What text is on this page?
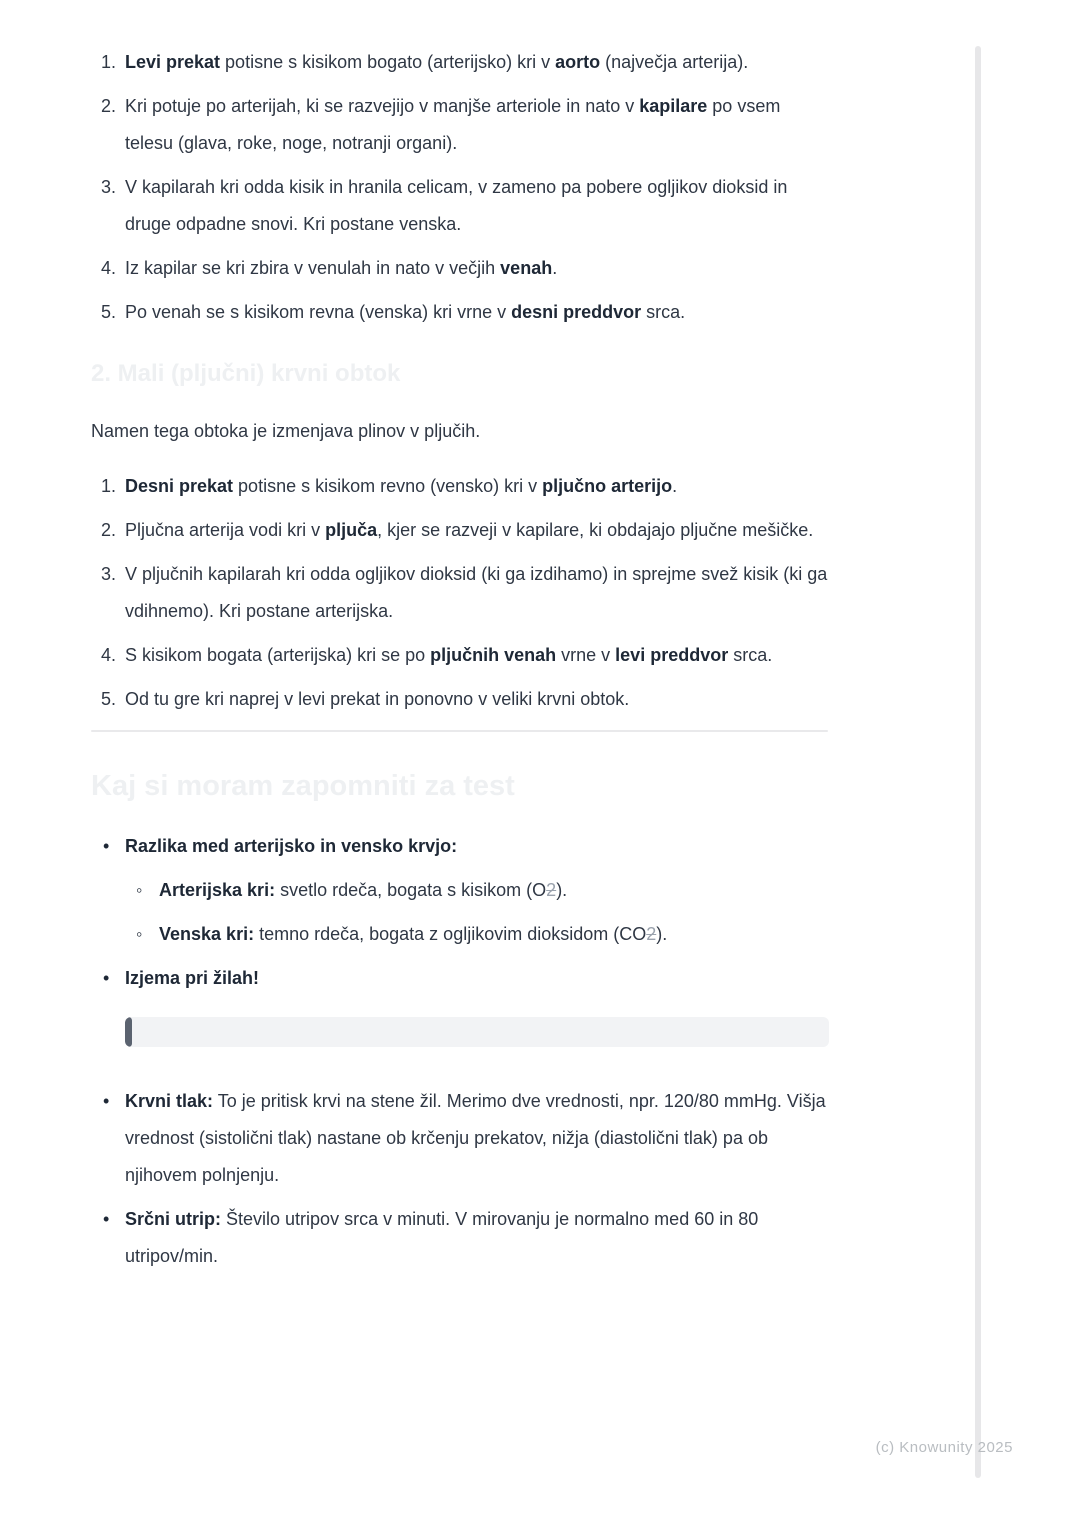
1. Levi prekat potisne s kisikom bogato (arterijsko) kri v aorto (največja arterija).
2. Kri potuje po arterijah, ki se razvejijo v manjše arteriole in nato v kapilare po vsem telesu (glava, roke, noge, notranji organi).
3. V kapilarah kri odda kisik in hranila celicam, v zameno pa pobere ogljikov dioksid in druge odpadne snovi. Kri postane venska.
4. Iz kapilar se kri zbira v venulah in nato v večjih venah.
5. Po venah se s kisikom revna (venska) kri vrne v desni preddvor srca.
2. Mali (pljučni) krvni obtok

Namen tega obtoka je izmenjava plinov v pljučih.

1. Desni prekat potisne s kisikom revno (vensko) kri v pljučno arterijo.
2. Pljučna arterija vodi kri v pljuča, kjer se razveji v kapilare, ki obdajajo pljučne mešičke.
3. V pljučnih kapilarah kri odda ogljikov dioksid (ki ga izdihamo) in sprejme svež kisik (ki ga vdihnemo). Kri postane arterijska.
4. S kisikom bogata (arterijska) kri se po pljučnih venah vrne v levi preddvor srca.
5. Od tu gre kri naprej v levi prekat in ponovno v veliki krvni obtok.
Kaj si moram zapomniti za test
• Razlika med arterijsko in vensko krvjo:
◦ Arterijska kri: svetlo rdeča, bogata s kisikom (O2).
◦ Venska kri: temno rdeča, bogata z ogljikovim dioksidom (CO2).
• Izjema pri žilah!
• Krvni tlak: To je pritisk krvi na stene žil. Merimo dve vrednosti, npr. 120/80 mmHg. Višja vrednost (sistolični tlak) nastane ob krčenju prekatov, nižja (diastolični tlak) pa ob njihovem polnjenju.
• Srčni utrip: Število utripov srca v minuti. V mirovanju je normalno med 60 in 80 utripov/min.
(c) Knowunity 2025
